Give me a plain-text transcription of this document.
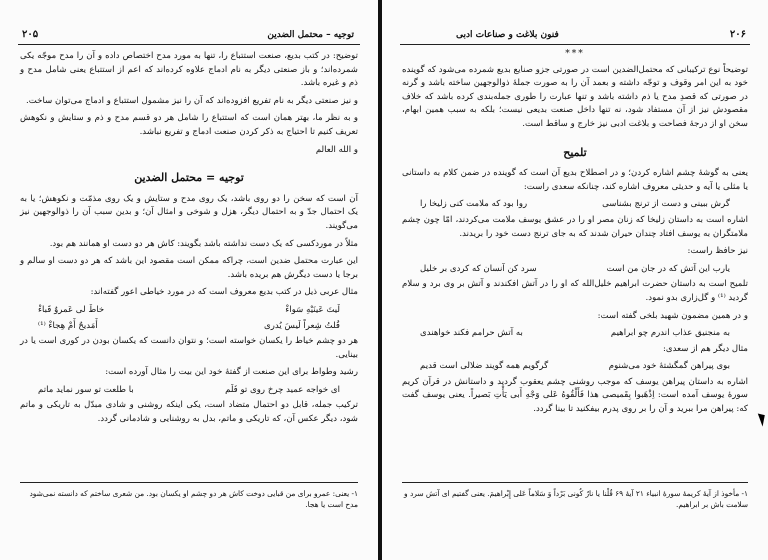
توجیه – محتمل الضدین
۲۰۵

توضیح: در کتب بدیع، صنعت استتباع را، تنها به مورد مدح اختصاص داده و آن را مدح موجّه یکی شمرده‌اند؛ و باز صنعتی دیگر به نام ادماج علاوه کرده‌اند که اعم از استتباع یعنی شامل مدح و ذم و غیره باشد.

و نیز صنعتی دیگر به نام تفریع افزوده‌اند که آن را نیز مشمول استتباع و ادماج می‌توان ساخت.

و به نظر ما، بهتر همان است که استتباع را شامل هر دو قسم مدح و ذم و ستایش و نکوهش تعریف کنیم تا احتیاج به ذکر کردن صنعت ادماج و تفریع نباشد.

و الله العالم

توجیه = محتمل الضدین

آن است که سخن را دو روی باشد، یک روی مدح و ستایش و یک روی مذمّت و نکوهش؛ یا به یک احتمال جدّ و به احتمال دیگر، هزل و شوخی و امثال آن؛ و بدین سبب آن را ذوالوجهین نیز می‌گویند.

مثلاً در موردکسی که یک دست نداشته باشد بگویند: کاش هر دو دست او همانند هم بود.

این عبارت محتمل ضدین است، چراکه ممکن است مقصود این باشد که هر دو دست او سالم و برجا یا دست دیگرش هم بریده باشد.

مثال عربی ذیل در کتب بدیع معروف است که در مورد خیاطی اعور گفته‌اند:

لَیتَ عَینَیْهِ سَواءْ
خاطَ لی عَمروٌ قَباءْ
قُلتُ شِعراً لَیسَ یُدری
أَمَدیحٌ أَمْ هِجاءْ ⁽¹⁾

هر دو چشم خیاط را یکسان خواسته است؛ و نتوان دانست که یکسان بودن در کوری است یا در بینایی.

رشید وطواط برای این صنعت از گفتهٔ خود این بیت را مثال آورده است:

ای خواجه عمید چرخ روی تو فَلَم
با طلعت تو سور نماید ماتم

ترکیب جمله، قابل دو احتمال متضاد است، یکی اینکه روشنی و شادی مبدّل به تاریکی و ماتم شود، دیگر عکس آن، که تاریکی و ماتم، بدل به روشنایی و شادمانی گردد.

۱- یعنی: عمرو برای من قبایی دوخت کاش هر دو چشم او یکسان بود. من شعری ساختم که دانسته نمی‌شود مدح است یا هجا.
فنون بلاغت و صناعات ادبی	۲۰۶
***

توضیحاً نوع ترکیبانی که محتمل‌الضدین است در صورتی جزو صنایع بدیع شمرده می‌شود که گوینده خود به این امر وقوف و توجّه داشته و بعمد آن را به صورت جملهٔ ذوالوجهین ساخته باشد و گرنه در صورتی که قصدِ مدح یا ذم داشته باشد و تنها عبارت را طوری جمله‌بندی کرده باشد که خلاف مقصودش نیز از آن مستفاد شود، نه تنها داخل صنعت بدیعی نیست؛ بلکه به سبب همین ابهام، سخن او از درجهٔ فصاحت و بلاغت ادبی نیز خارج و ساقط است.

تلمیح

یعنی به گوشهٔ چشم اشاره کردن؛ و در اصطلاح بدیع آن است که گوینده در ضمن کلام به داستانی یا مثلی یا آیه و حدیثی معروف اشاره کند، چنانکه سعدی راست:

گرش ببینی و دست از ترنج بشناسی
روا بود که ملامت کنی زلیخا را

اشاره است به داستان زلیخا که زنان مصر او را در عشق یوسف ملامت می‌کردند، امّا چون چشم ملامتگران به یوسف افتاد چندان حیران شدند که به جای ترنج دست خود را بریدند.

نیز حافظ راست:

یارب این آتش که در جان من است
سرد کن آنسان که کردی بر خلیل

تلمیح است به داستان حضرت ابراهیم خلیل‌الله که او را در آتش افکندند و آتش بر وی برد و سلام گردید ⁽¹⁾ و گل‌زاری بدو نمود.

و در همین مضمون شهید بلخی گفته است:

به منجنیق عذاب اندرم چو ابراهیم
به آتش حرامم فکند خواهندی

مثال دیگر هم از سعدی:

بوی پیراهن گمگشتهٔ خود می‌شنوم
گرگویم همه گویند ضلالی است قدیم

اشاره به داستان پیراهن یوسف که موجب روشنی چشم یعقوب گردید و داستانش در قرآن کریم سورهٔ یوسف آمده است: اِذْهَبوا بِقَمیصی هذا فَأَلْقُوهُ عَلی وَجْهِ أَبی یَأْتِ بَصیراً. یعنی یوسف گفت که: پیراهن مرا ببرید و آن را بر روی پدرم بیفکنید تا بینا گردد.

۱- مأخوذ از آیهٔ کریمهٔ سورهٔ انبیاء ۲۱ آیهٔ ۶۹ قُلْنا یا نارُ کُونی بَرْداً وَ سَلاماً عَلی إِبْراهیمَ. یعنی گفتیم ای آتش سرد و سلامت باش بر ابراهیم.
